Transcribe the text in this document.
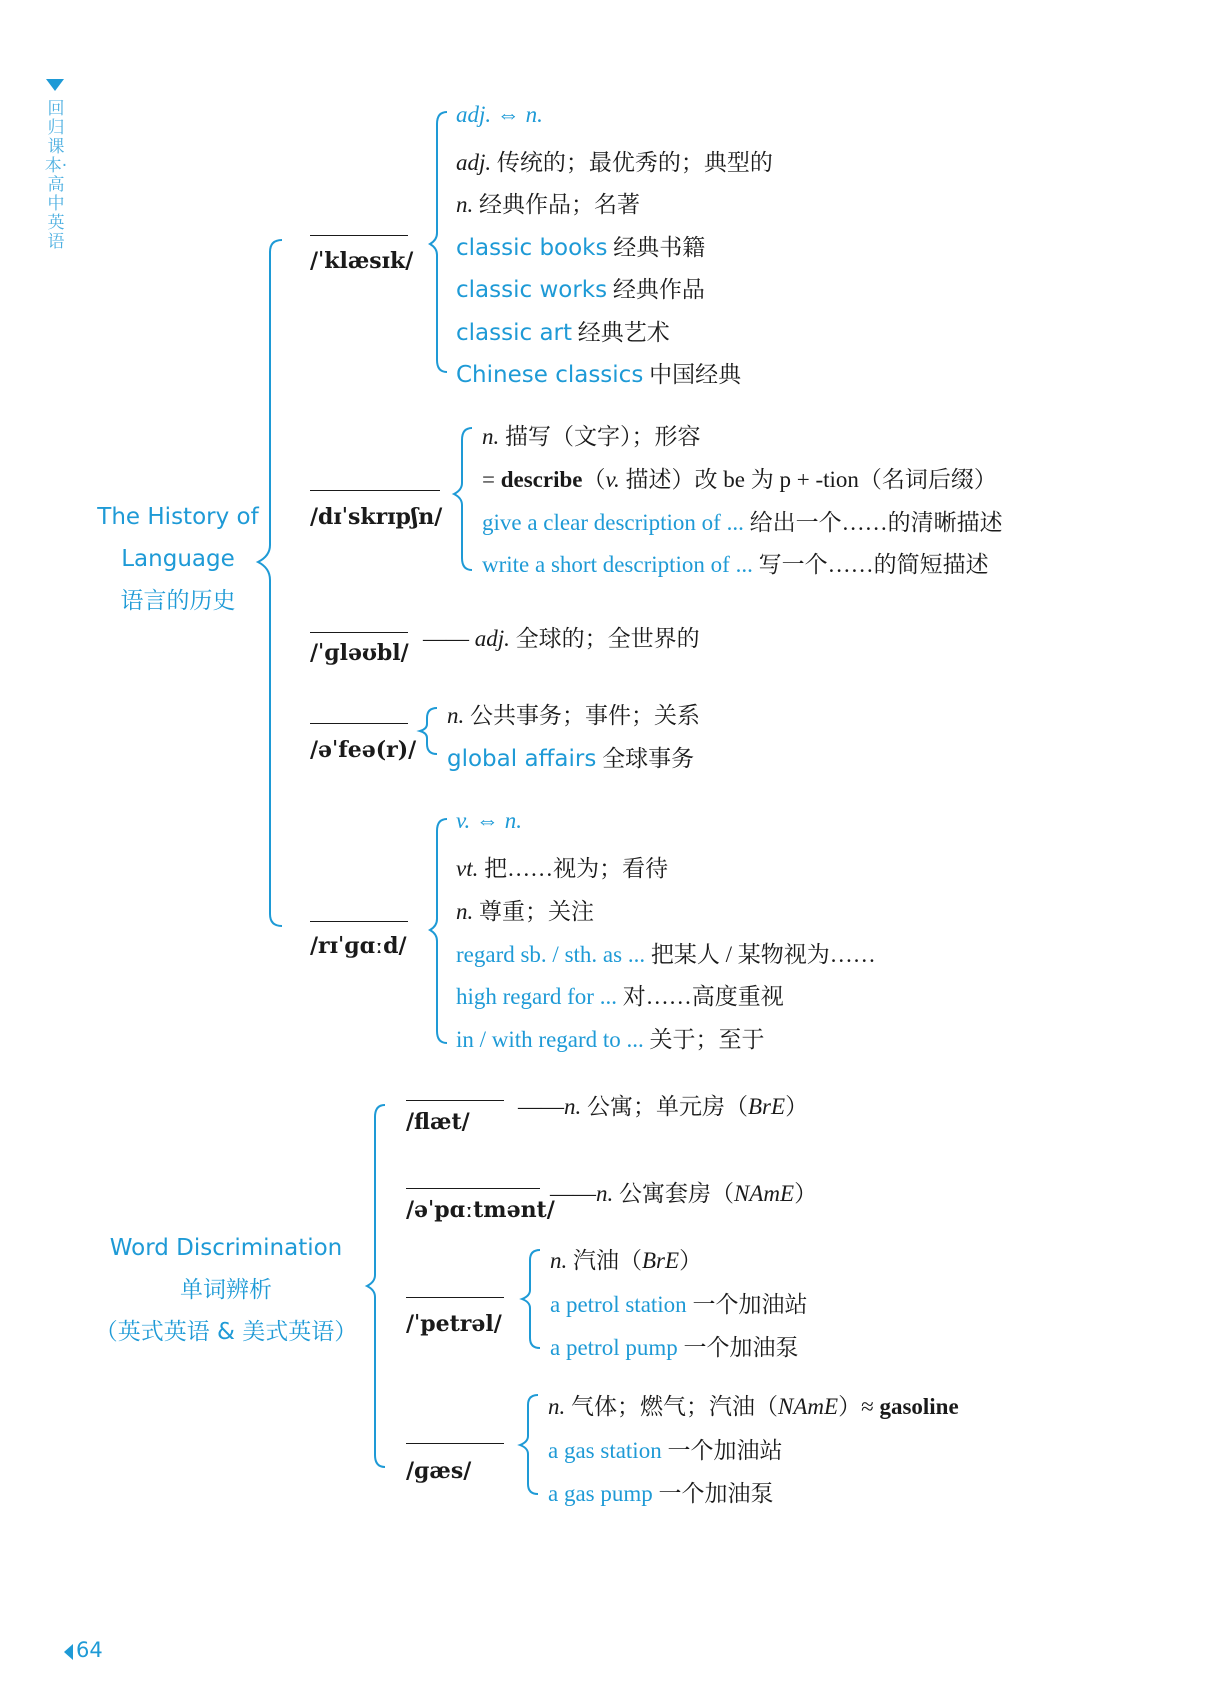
回归课本·高中英语
64
The History of
Language
语言的历史
/ˈklæsɪk/
adj. ⇔ n.
adj. 传统的；最优秀的；典型的
n. 经典作品；名著
classic books 经典书籍
classic works 经典作品
classic art 经典艺术
Chinese classics 中国经典
/dɪˈskrɪpʃn/
n. 描写（文字）；形容
= describe（v. 描述）改 be 为 p + -tion（名词后缀）
give a clear description of ... 给出一个……的清晰描述
write a short description of ... 写一个……的简短描述
/ˈɡləʊbl/
—— adj. 全球的；全世界的
/əˈfeə(r)/
n. 公共事务；事件；关系
global affairs 全球事务
/rɪˈɡɑːd/
v. ⇔ n.
vt. 把……视为；看待
n. 尊重；关注
regard sb. / sth. as ... 把某人 / 某物视为……
high regard for ... 对……高度重视
in / with regard to ... 关于；至于
Word Discrimination
单词辨析
（英式英语 & 美式英语）
/flæt/
——n. 公寓；单元房（BrE）
/əˈpɑːtmənt/
——n. 公寓套房（NAmE）
/ˈpetrəl/
n. 汽油（BrE）
a petrol station 一个加油站
a petrol pump 一个加油泵
/ɡæs/
n. 气体；燃气；汽油（NAmE）≈ gasoline
a gas station 一个加油站
a gas pump 一个加油泵
